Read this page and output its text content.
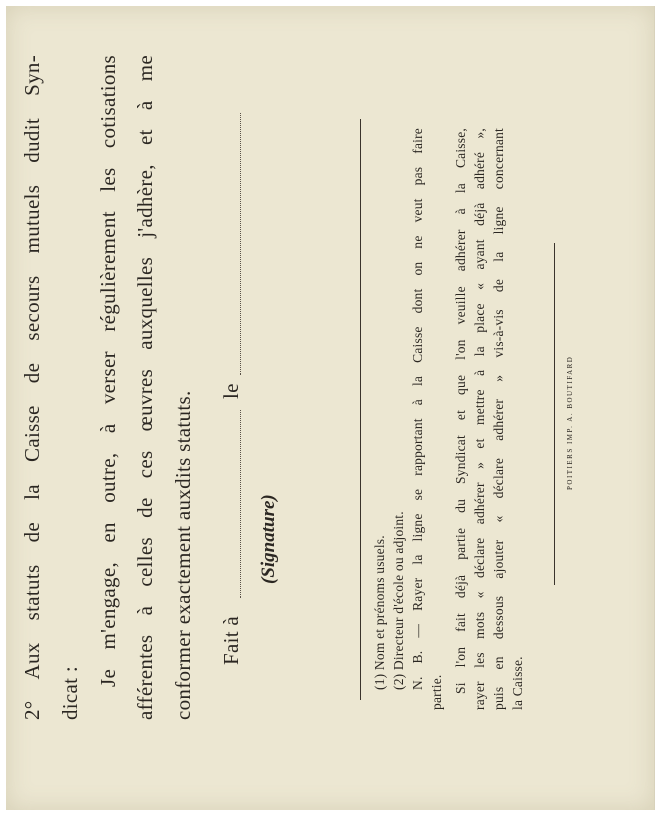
​
2° Aux statuts de la Caisse de secours mutuels dudit Syn- dicat :
Je m'engage, en outre, à verser régulièrement les cotisations afférentes à celles de ces œuvres auxquelles j'adhère, et à me conformer exactement auxdits statuts. Fait à
le
(Signature)	(1) Nom et prénoms usuels. (2) Directeur d'école ou adjoint. N. B. — Rayer la ligne se rapportant à la Caisse dont on ne veut pas faire
partie. Si l'on fait déjà partie du Syndicat et que l'on veuille adhérer à la Caisse, rayer les mots « déclare adhérer » et mettre à la place « ayant déjà adhéré », puis en dessous ajouter « déclare adhérer » vis-à-vis de la ligne concernant la Caisse.
POITIERS IMP. A. BOUTIFARD
